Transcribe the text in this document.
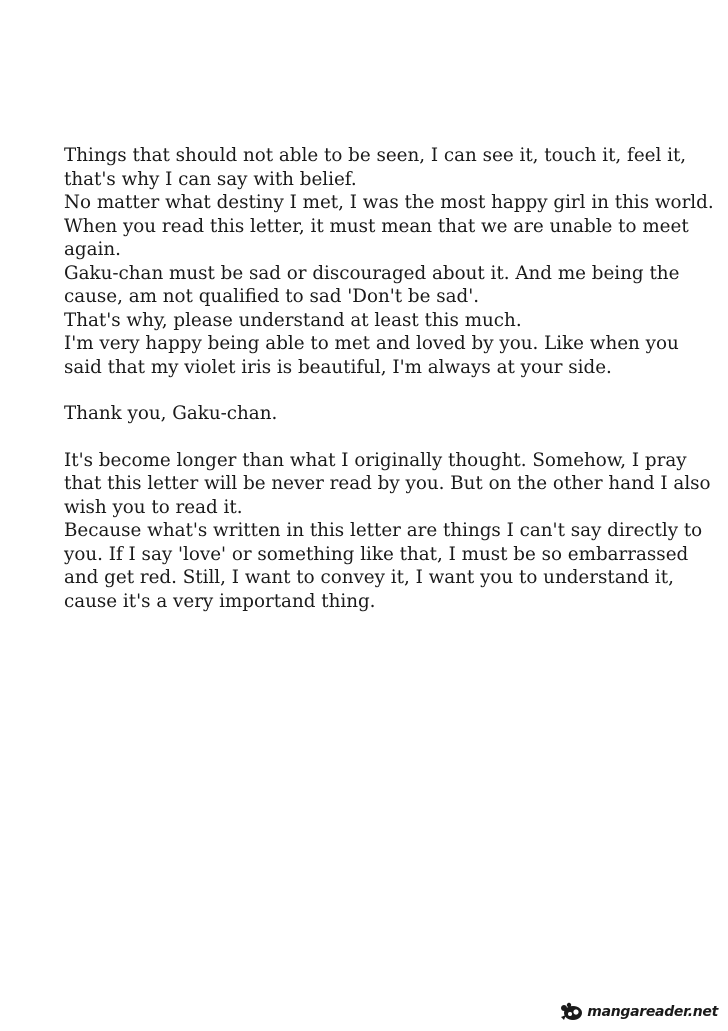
Things that should not able to be seen, I can see it, touch it, feel it,
that's why I can say with belief.
No matter what destiny I met, I was the most happy girl in this world.
When you read this letter, it must mean that we are unable to meet
again.
Gaku-chan must be sad or discouraged about it. And me being the
cause, am not qualified to sad 'Don't be sad'.
That's why, please understand at least this much.
I'm very happy being able to met and loved by you. Like when you
said that my violet iris is beautiful, I'm always at your side.
Thank you, Gaku-chan.
It's become longer than what I originally thought. Somehow, I pray
that this letter will be never read by you. But on the other hand I also
wish you to read it.
Because what's written in this letter are things I can't say directly to
you. If I say 'love' or something like that, I must be so embarrassed
and get red. Still, I want to convey it, I want you to understand it,
cause it's a very importand thing.
mangareader.net
